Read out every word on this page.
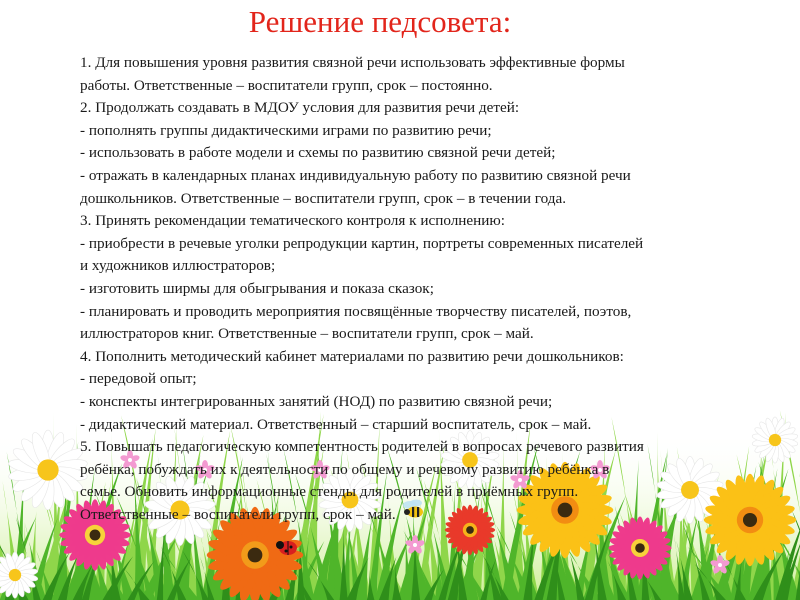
Решение педсовета:

1. Для повышения уровня развития связной речи использовать эффективные формы

работы. Ответственные – воспитатели групп, срок – постоянно.

2. Продолжать создавать в МДОУ условия для развития речи детей:

- пополнять группы дидактическими играми по развитию речи;

- использовать в работе модели и схемы по развитию связной речи детей;

- отражать в календарных планах индивидуальную работу по развитию связной речи

дошкольников. Ответственные – воспитатели групп, срок – в течении года.

3. Принять рекомендации тематического контроля к исполнению:

- приобрести в речевые уголки репродукции картин, портреты современных писателей

и художников иллюстраторов;

- изготовить ширмы для обыгрывания и показа сказок;

- планировать и проводить мероприятия посвящённые творчеству писателей, поэтов,

иллюстраторов книг. Ответственные – воспитатели групп, срок – май.

4. Пополнить методический кабинет материалами по развитию речи дошкольников:

- передовой опыт;

- конспекты интегрированных занятий (НОД) по развитию связной речи;

- дидактический материал. Ответственный – старший воспитатель, срок – май.

5. Повышать педагогическую компетентность родителей в вопросах речевого развития

ребёнка, побуждать их к деятельности по общему и речевому развитию ребёнка в

семье. Обновить информационные стенды для родителей в приёмных групп.

Ответственные – воспитатели групп, срок – май.
